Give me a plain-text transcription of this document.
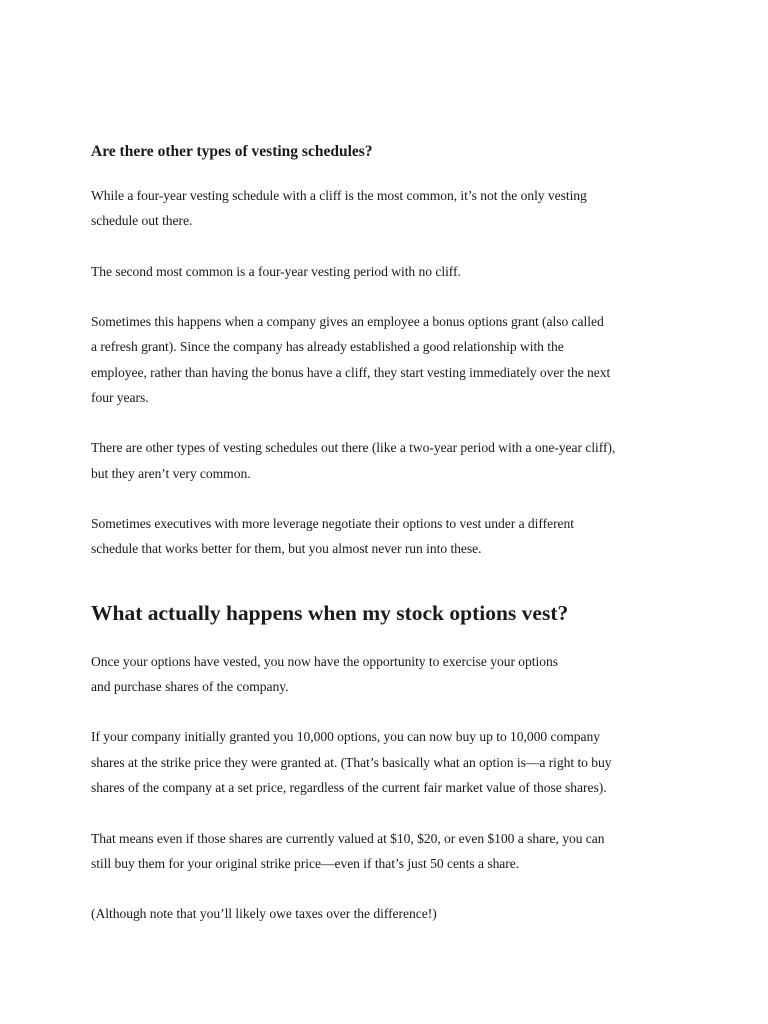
Are there other types of vesting schedules?
While a four-year vesting schedule with a cliff is the most common, it’s not the only vesting
schedule out there.
The second most common is a four-year vesting period with no cliff.
Sometimes this happens when a company gives an employee a bonus options grant (also called
a refresh grant). Since the company has already established a good relationship with the
employee, rather than having the bonus have a cliff, they start vesting immediately over the next
four years.
There are other types of vesting schedules out there (like a two-year period with a one-year cliff),
but they aren’t very common.
Sometimes executives with more leverage negotiate their options to vest under a different
schedule that works better for them, but you almost never run into these.
What actually happens when my stock options vest?
Once your options have vested, you now have the opportunity to exercise your options
and purchase shares of the company.
If your company initially granted you 10,000 options, you can now buy up to 10,000 company
shares at the strike price they were granted at. (That’s basically what an option is—a right to buy
shares of the company at a set price, regardless of the current fair market value of those shares).
That means even if those shares are currently valued at $10, $20, or even $100 a share, you can
still buy them for your original strike price—even if that’s just 50 cents a share.
(Although note that you’ll likely owe taxes over the difference!)
